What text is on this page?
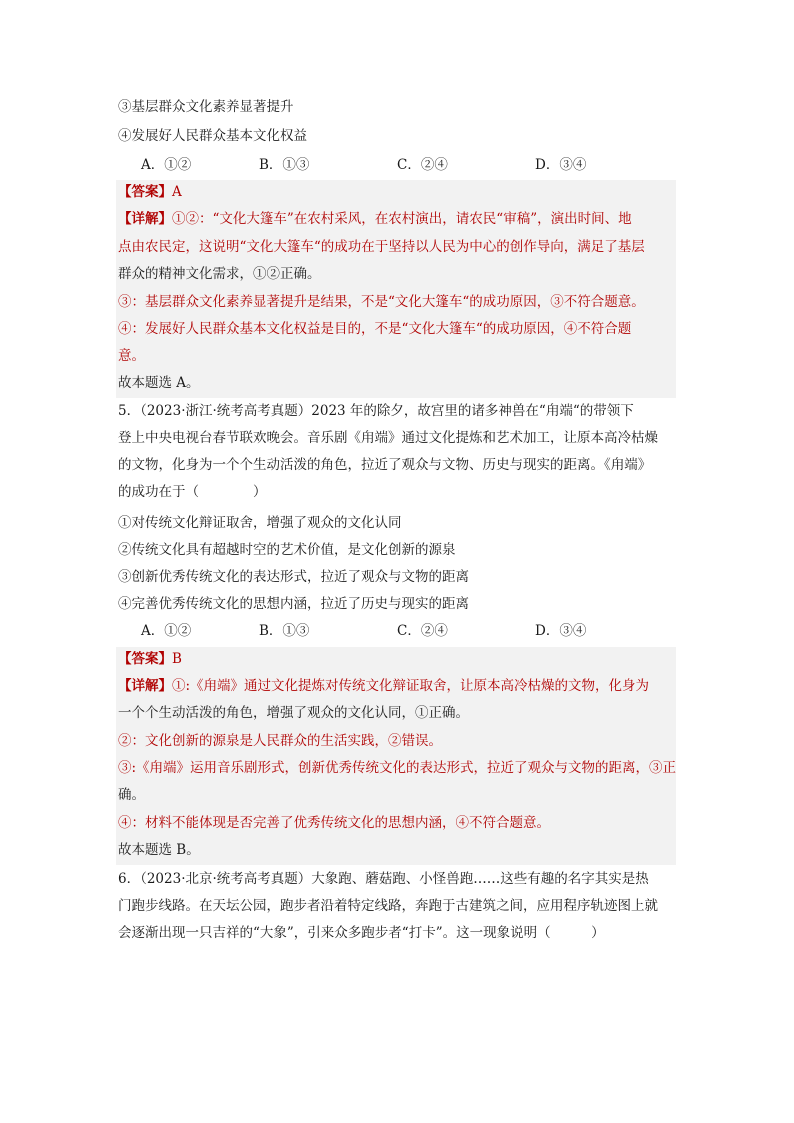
③基层群众文化素养显著提升
④发展好人民群众基本文化权益
A．①②	B．①③	C．②④	D．③④
【答案】A
【详解】①②：“文化大篷车”在农村采风，在农村演出，请农民“审稿”，演出时间、地
点由农民定，这说明“文化大篷车“的成功在于坚持以人民为中心的创作导向，满足了基层
群众的精神文化需求，①②正确。
③：基层群众文化素养显著提升是结果，不是“文化大篷车“的成功原因，③不符合题意。
④：发展好人民群众基本文化权益是目的，不是“文化大篷车“的成功原因，④不符合题
意。
故本题选 A。
5．（2023·浙江·统考高考真题）2023 年的除夕，故宫里的诸多神兽在“甪端“的带领下
登上中央电视台春节联欢晚会。音乐剧《甪端》通过文化提炼和艺术加工，让原本高冷枯燥
的文物，化身为一个个生动活泼的角色，拉近了观众与文物、历史与现实的距离。《甪端》
的成功在于（　　　　）
①对传统文化辩证取舍，增强了观众的文化认同
②传统文化具有超越时空的艺术价值，是文化创新的源泉
③创新优秀传统文化的表达形式，拉近了观众与文物的距离
④完善优秀传统文化的思想内涵，拉近了历史与现实的距离
A．①②	B．①③	C．②④	D．③④
【答案】B
【详解】①:《甪端》通过文化提炼对传统文化辩证取舍，让原本高冷枯燥的文物，化身为
一个个生动活泼的角色，增强了观众的文化认同，①正确。
②：文化创新的源泉是人民群众的生活实践，②错误。
③:《甪端》运用音乐剧形式，创新优秀传统文化的表达形式，拉近了观众与文物的距离，③正
确。
④：材料不能体现是否完善了优秀传统文化的思想内涵，④不符合题意。
故本题选 B。
6．（2023·北京·统考高考真题）大象跑、蘑菇跑、小怪兽跑……这些有趣的名字其实是热
门跑步线路。在天坛公园，跑步者沿着特定线路，奔跑于古建筑之间，应用程序轨迹图上就
会逐渐出现一只吉祥的“大象”，引来众多跑步者“打卡”。这一现象说明（　　　）
